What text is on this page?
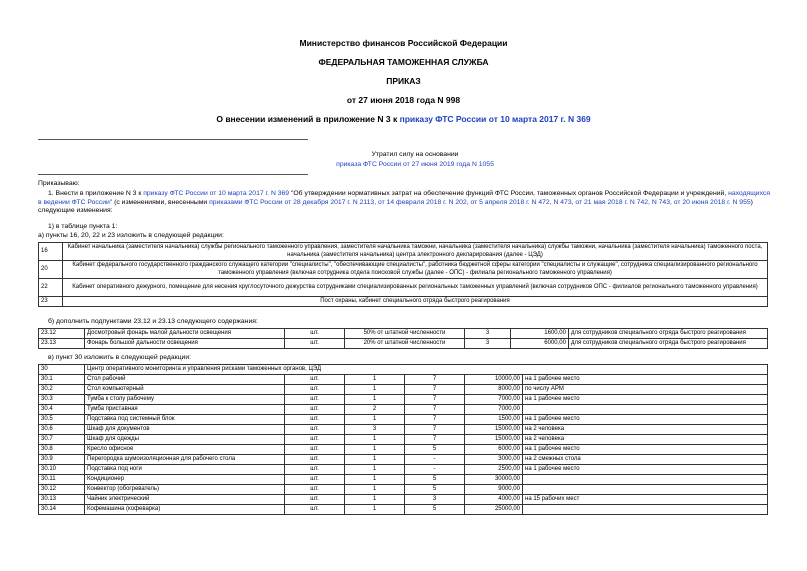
Министерство финансов Российской Федерации
ФЕДЕРАЛЬНАЯ ТАМОЖЕННАЯ СЛУЖБА
ПРИКАЗ
от 27 июня 2018 года N 998
О внесении изменений в приложение N 3 к приказу ФТС России от 10 марта 2017 г. N 369
Утратил силу на основании
приказа ФТС России от 27 июня 2019 года N 1055
Приказываю:
1. Внести в приложение N 3 к приказу ФТС России от 10 марта 2017 г. N 369 "Об утверждении нормативных затрат на обеспечение функций ФТС России, таможенных органов Российской Федерации и учреждений, находящихся в ведении ФТС России" (с изменениями, внесенными приказами ФТС России от 28 декабря 2017 г. N 2113, от 14 февраля 2018 г. N 202, от 5 апреля 2018 г. N 472, N 473, от 21 мая 2018 г. N 742, N 743, от 20 июня 2018 г. N 955) следующие изменения:
1) в таблице пункта 1:
а) пункты 16, 20, 22 и 23 изложить в следующей редакции:
16	Кабинет начальника (заместителя начальника) службы регионального таможенного управления, заместителя начальника таможни, начальника (заместителя начальника) службы таможни, начальника (заместителя начальника) таможенного поста, начальника (заместителя начальника) центра электронного декларирования (далее - ЦЭД)
20	Кабинет федерального государственного гражданского служащего категории "специалисты", "обеспечивающие специалисты", работника бюджетной сферы категории "специалисты и служащие", сотрудника специализированного регионального таможенного управления (включая сотрудника отдела поисковой службы (далее - ОПС) - филиала регионального таможенного управления)
22	Кабинет оперативного дежурного, помещение для несения круглосуточного дежурства сотрудниками специализированных региональных таможенных управлений (включая сотрудников ОПС - филиалов регионального таможенного управления)
23	Пост охраны, кабинет специального отряда быстрого реагирования
б) дополнить подпунктами 23.12 и 23.13 следующего содержания:
23.12	Досмотровый фонарь малой дальности освещения	шт.	50% от штатной численности	3	1600,00	для сотрудников специального отряда быстрого реагирования
23.13	Фонарь большой дальности освещения	шт.	20% от штатной численности	3	6000,00	для сотрудников специального отряда быстрого реагирования
в) пункт 30 изложить в следующей редакции:
30	Центр оперативного мониторинга и управления рисками таможенных органов, ЦЭД					
30.1	Стол рабочий	шт.	1	7	10000,00	на 1 рабочее место
30.2	Стол компьютерный	шт.	1	7	8000,00	по числу АРМ
30.3	Тумба к столу рабочему	шт.	1	7	7000,00	на 1 рабочее место
30.4	Тумба приставная	шт.	2	7	7000,00	
30.5	Подставка под системный блок	шт.	1	7	1500,00	на 1 рабочее место
30.6	Шкаф для документов	шт.	3	7	15000,00	на 2 человека
30.7	Шкаф для одежды	шт.	1	7	15000,00	на 2 человека
30.8	Кресло офисное	шт.	1	5	6000,00	на 1 рабочее место
30.9	Перегородка шумоизоляционная для рабочего стола	шт.	1	-	3000,00	на 2 смежных стола
30.10	Подставка под ноги	шт.	1	-	2500,00	на 1 рабочее место
30.11	Кондиционер	шт.	1	5	30000,00	
30.12	Конвектор (обогреватель)	шт.	1	5	9000,00	
30.13	Чайник электрический	шт.	1	3	4000,00	на 15 рабочих мест
30.14	Кофемашина (кофеварка)	шт.	1	5	25000,00	
